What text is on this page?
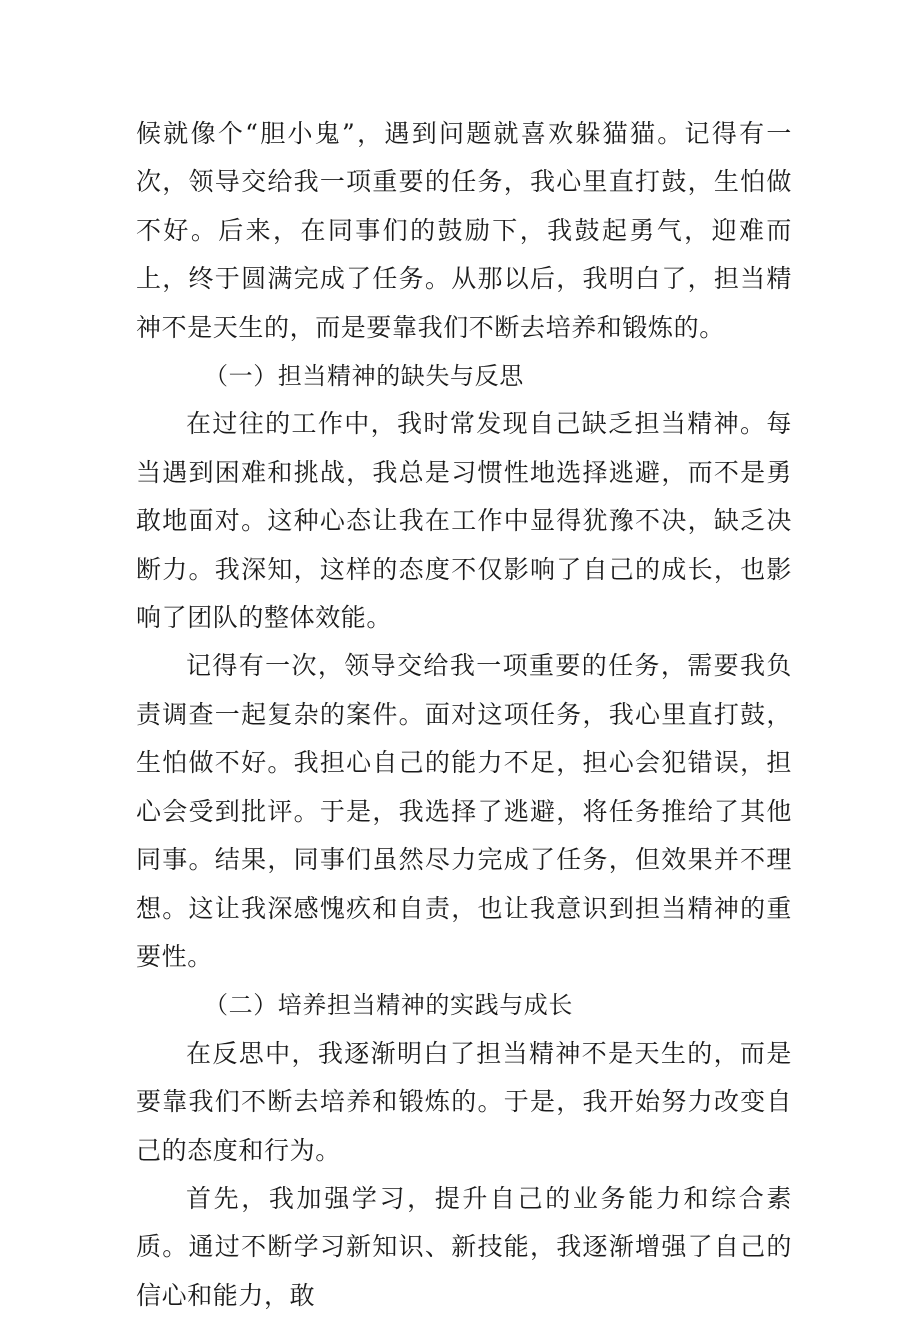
候就像个“胆小鬼”，遇到问题就喜欢躲猫猫。记得有一次，领导交给我一项重要的任务，我心里直打鼓，生怕做不好。后来，在同事们的鼓励下，我鼓起勇气，迎难而上，终于圆满完成了任务。从那以后，我明白了，担当精神不是天生的，而是要靠我们不断去培养和锻炼的。

（一）担当精神的缺失与反思

在过往的工作中，我时常发现自己缺乏担当精神。每当遇到困难和挑战，我总是习惯性地选择逃避，而不是勇敢地面对。这种心态让我在工作中显得犹豫不决，缺乏决断力。我深知，这样的态度不仅影响了自己的成长，也影响了团队的整体效能。

记得有一次，领导交给我一项重要的任务，需要我负责调查一起复杂的案件。面对这项任务，我心里直打鼓，生怕做不好。我担心自己的能力不足，担心会犯错误，担心会受到批评。于是，我选择了逃避，将任务推给了其他同事。结果，同事们虽然尽力完成了任务，但效果并不理想。这让我深感愧疚和自责，也让我意识到担当精神的重要性。

（二）培养担当精神的实践与成长

在反思中，我逐渐明白了担当精神不是天生的，而是要靠我们不断去培养和锻炼的。于是，我开始努力改变自己的态度和行为。

首先，我加强学习，提升自己的业务能力和综合素质。通过不断学习新知识、新技能，我逐渐增强了自己的信心和能力，敢
